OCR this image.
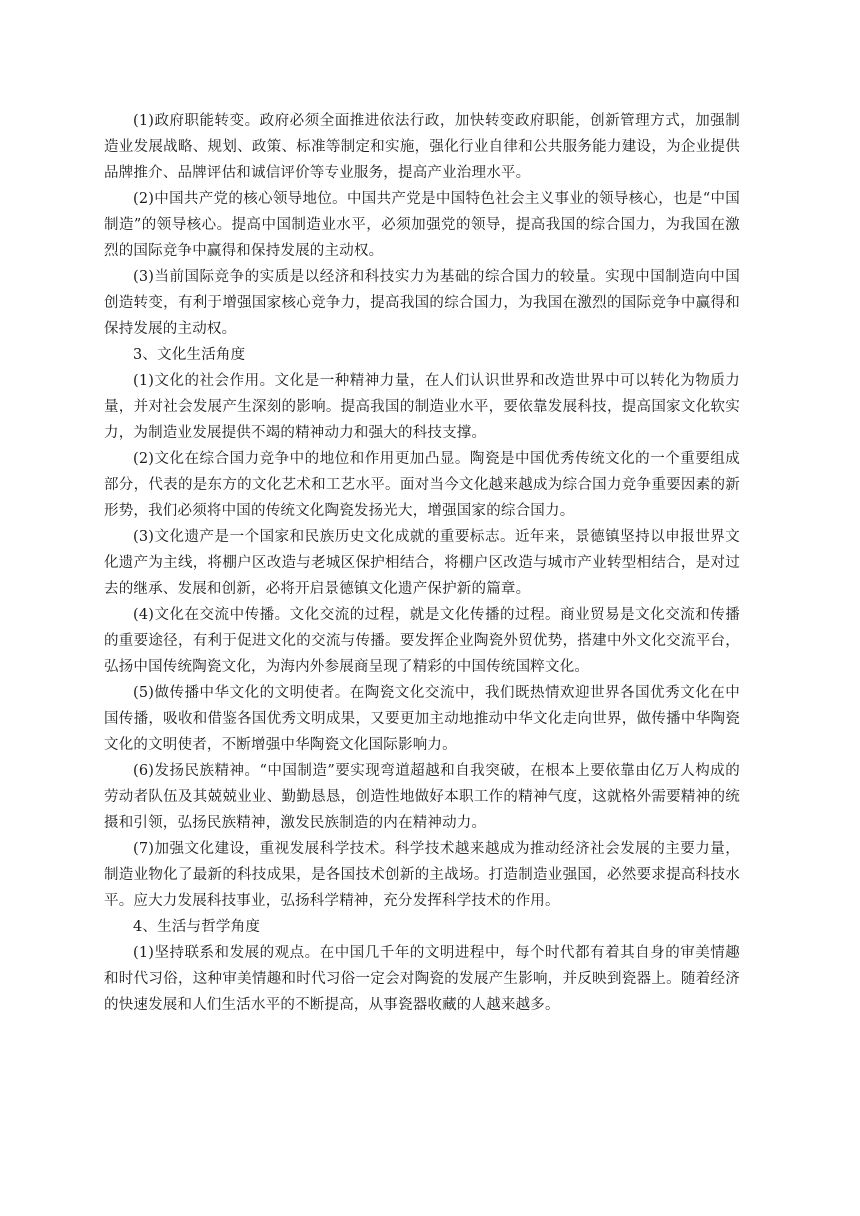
(1)政府职能转变。政府必须全面推进依法行政，加快转变政府职能，创新管理方式，加强制造业发展战略、规划、政策、标准等制定和实施，强化行业自律和公共服务能力建设，为企业提供品牌推介、品牌评估和诚信评价等专业服务，提高产业治理水平。

(2)中国共产党的核心领导地位。中国共产党是中国特色社会主义事业的领导核心，也是“中国制造”的领导核心。提高中国制造业水平，必须加强党的领导，提高我国的综合国力，为我国在激烈的国际竞争中赢得和保持发展的主动权。

(3)当前国际竞争的实质是以经济和科技实力为基础的综合国力的较量。实现中国制造向中国创造转变，有利于增强国家核心竞争力，提高我国的综合国力，为我国在激烈的国际竞争中赢得和保持发展的主动权。

3、文化生活角度

(1)文化的社会作用。文化是一种精神力量，在人们认识世界和改造世界中可以转化为物质力量，并对社会发展产生深刻的影响。提高我国的制造业水平，要依靠发展科技，提高国家文化软实力，为制造业发展提供不竭的精神动力和强大的科技支撑。

(2)文化在综合国力竞争中的地位和作用更加凸显。陶瓷是中国优秀传统文化的一个重要组成部分，代表的是东方的文化艺术和工艺水平。面对当今文化越来越成为综合国力竞争重要因素的新形势，我们必须将中国的传统文化陶瓷发扬光大，增强国家的综合国力。

(3)文化遗产是一个国家和民族历史文化成就的重要标志。近年来，景德镇坚持以申报世界文化遗产为主线，将棚户区改造与老城区保护相结合，将棚户区改造与城市产业转型相结合，是对过去的继承、发展和创新，必将开启景德镇文化遗产保护新的篇章。

(4)文化在交流中传播。文化交流的过程，就是文化传播的过程。商业贸易是文化交流和传播的重要途径，有利于促进文化的交流与传播。要发挥企业陶瓷外贸优势，搭建中外文化交流平台，弘扬中国传统陶瓷文化，为海内外参展商呈现了精彩的中国传统国粹文化。

(5)做传播中华文化的文明使者。在陶瓷文化交流中，我们既热情欢迎世界各国优秀文化在中国传播，吸收和借鉴各国优秀文明成果，又要更加主动地推动中华文化走向世界，做传播中华陶瓷文化的文明使者，不断增强中华陶瓷文化国际影响力。

(6)发扬民族精神。“中国制造”要实现弯道超越和自我突破，在根本上要依靠由亿万人构成的劳动者队伍及其兢兢业业、勤勤恳恳，创造性地做好本职工作的精神气度，这就格外需要精神的统摄和引领，弘扬民族精神，激发民族制造的内在精神动力。

(7)加强文化建设，重视发展科学技术。科学技术越来越成为推动经济社会发展的主要力量，制造业物化了最新的科技成果，是各国技术创新的主战场。打造制造业强国，必然要求提高科技水平。应大力发展科技事业，弘扬科学精神，充分发挥科学技术的作用。

4、生活与哲学角度

(1)坚持联系和发展的观点。在中国几千年的文明进程中，每个时代都有着其自身的审美情趣和时代习俗，这种审美情趣和时代习俗一定会对陶瓷的发展产生影响，并反映到瓷器上。随着经济的快速发展和人们生活水平的不断提高，从事瓷器收藏的人越来越多。
